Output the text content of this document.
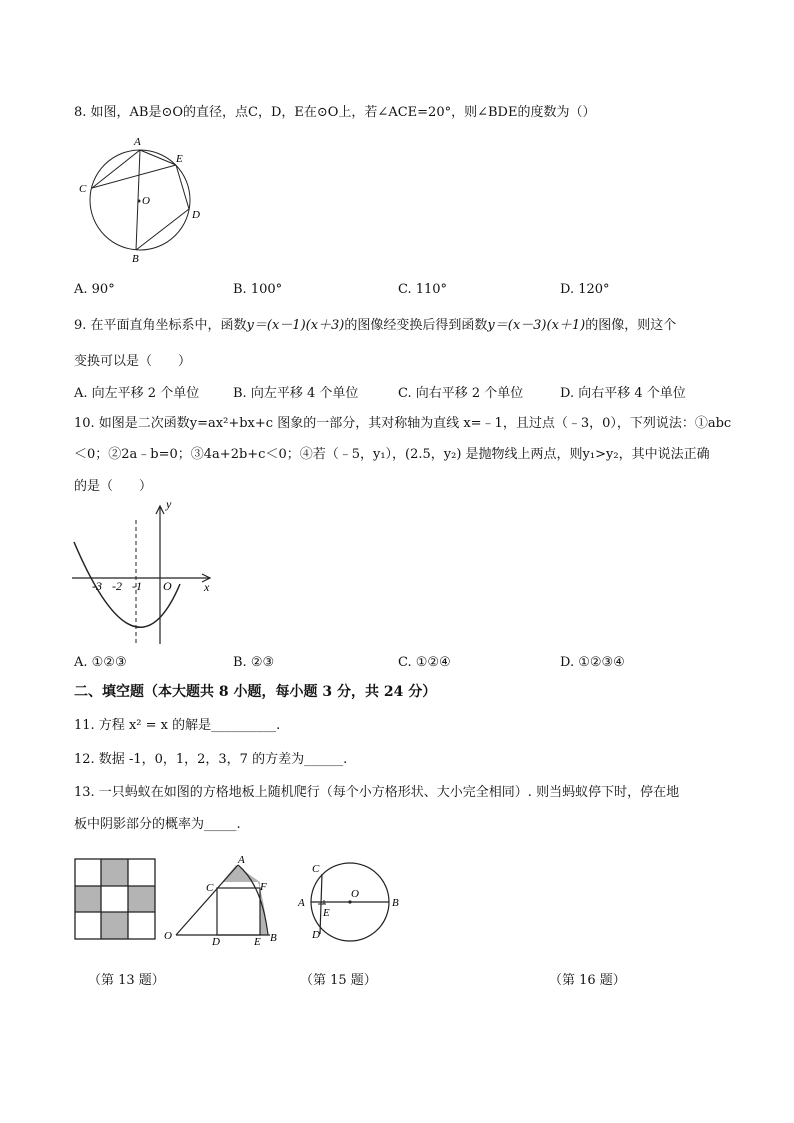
8. 如图，AB是⊙O的直径，点C，D，E在⊙O上，若∠ACE=20°，则∠BDE的度数为（）
A
B
C
D
E
O
A. 90°	B. 100°	C. 110°	D. 120°
9. 在平面直角坐标系中，函数y＝(x－1)(x＋3)的图像经变换后得到函数y＝(x－3)(x＋1)的图像，则这个
变换可以是（　　）
A. 向左平移 2 个单位	B. 向左平移 4 个单位	C. 向右平移 2 个单位	D. 向右平移 4 个单位
10. 如图是二次函数y=ax²+bx+c 图象的一部分，其对称轴为直线 x=﹣1，且过点（﹣3，0），下列说法：①abc
＜0；②2a﹣b=0；③4a+2b+c＜0；④若（﹣5，y₁），(2.5，y₂) 是抛物线上两点，则y₁>y₂，其中说法正确
的是（　　）
y
x
-3 -2 -1 O
A. ①②③	B. ②③	C. ①②④	D. ①②③④
二、填空题（本大题共 8 小题，每小题 3 分，共 24 分）
11. 方程 x² = x 的解是__________.
12. 数据 -1，0，1，2，3，7 的方差为______.
13. 一只蚂蚁在如图的方格地板上随机爬行（每个小方格形状、大小完全相同）. 则当蚂蚁停下时，停在地
板中阴影部分的概率为_____.
A
C	F
O	D	E B
C
A
E
D
O
B
（第 13 题）	（第 15 题）	（第 16 题）
